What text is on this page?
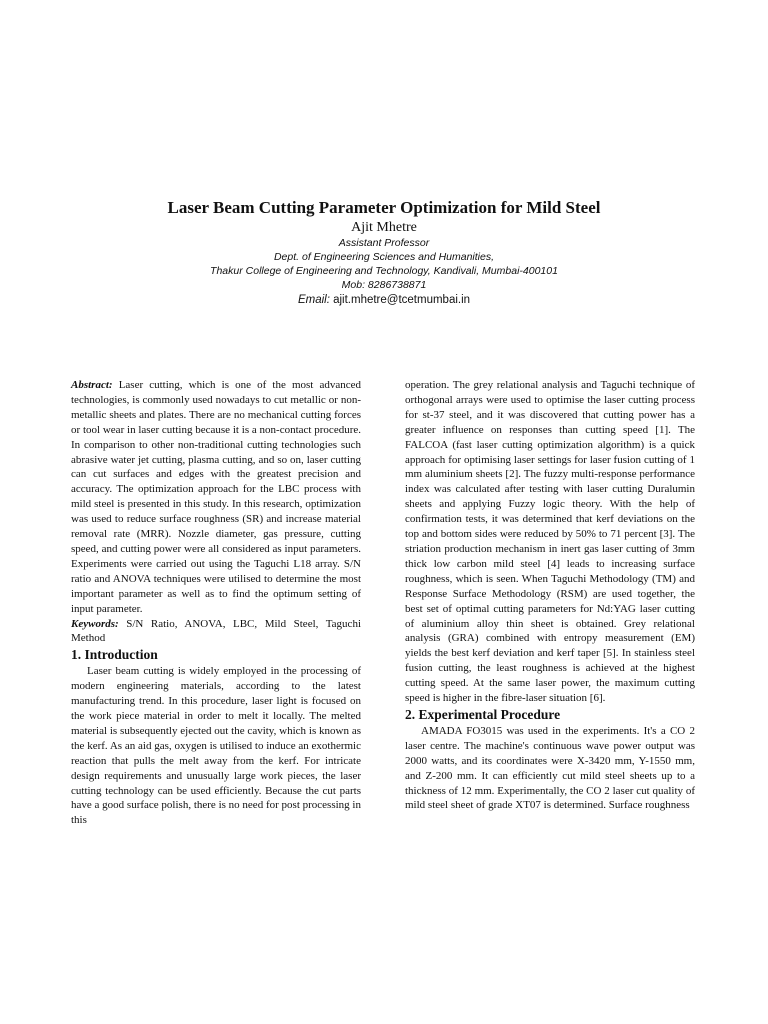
Laser Beam Cutting Parameter Optimization for Mild Steel

Ajit Mhetre

Assistant Professor

Dept. of Engineering Sciences and Humanities,

Thakur College of Engineering and Technology, Kandivali, Mumbai-400101

Mob: 8286738871

Email: ajit.mhetre@tcetmumbai.in

Abstract: Laser cutting, which is one of the most advanced technologies, is commonly used nowadays to cut metallic or non-metallic sheets and plates. There are no mechanical cutting forces or tool wear in laser cutting because it is a non-contact procedure. In comparison to other non-traditional cutting technologies such abrasive water jet cutting, plasma cutting, and so on, laser cutting can cut surfaces and edges with the greatest precision and accuracy. The optimization approach for the LBC process with mild steel is presented in this study. In this research, optimization was used to reduce surface roughness (SR) and increase material removal rate (MRR). Nozzle diameter, gas pressure, cutting speed, and cutting power were all considered as input parameters. Experiments were carried out using the Taguchi L18 array. S/N ratio and ANOVA techniques were utilised to determine the most important parameter as well as to find the optimum setting of input parameter.

Keywords: S/N Ratio, ANOVA, LBC, Mild Steel, Taguchi Method

1. Introduction

Laser beam cutting is widely employed in the processing of modern engineering materials, according to the latest manufacturing trend. In this procedure, laser light is focused on the work piece material in order to melt it locally. The melted material is subsequently ejected out the cavity, which is known as the kerf. As an aid gas, oxygen is utilised to induce an exothermic reaction that pulls the melt away from the kerf. For intricate design requirements and unusually large work pieces, the laser cutting technology can be used efficiently. Because the cut parts have a good surface polish, there is no need for post processing in this

operation. The grey relational analysis and Taguchi technique of orthogonal arrays were used to optimise the laser cutting process for st-37 steel, and it was discovered that cutting power has a greater influence on responses than cutting speed [1]. The FALCOA (fast laser cutting optimization algorithm) is a quick approach for optimising laser settings for laser fusion cutting of 1 mm aluminium sheets [2]. The fuzzy multi-response performance index was calculated after testing with laser cutting Duralumin sheets and applying Fuzzy logic theory. With the help of confirmation tests, it was determined that kerf deviations on the top and bottom sides were reduced by 50% to 71 percent [3]. The striation production mechanism in inert gas laser cutting of 3mm thick low carbon mild steel [4] leads to increasing surface roughness, which is seen. When Taguchi Methodology (TM) and Response Surface Methodology (RSM) are used together, the best set of optimal cutting parameters for Nd:YAG laser cutting of aluminium alloy thin sheet is obtained. Grey relational analysis (GRA) combined with entropy measurement (EM) yields the best kerf deviation and kerf taper [5]. In stainless steel fusion cutting, the least roughness is achieved at the highest cutting speed. At the same laser power, the maximum cutting speed is higher in the fibre-laser situation [6].

2. Experimental Procedure

AMADA FO3015 was used in the experiments. It's a CO 2 laser centre. The machine's continuous wave power output was 2000 watts, and its coordinates were X-3420 mm, Y-1550 mm, and Z-200 mm. It can efficiently cut mild steel sheets up to a thickness of 12 mm. Experimentally, the CO 2 laser cut quality of mild steel sheet of grade XT07 is determined. Surface roughness
